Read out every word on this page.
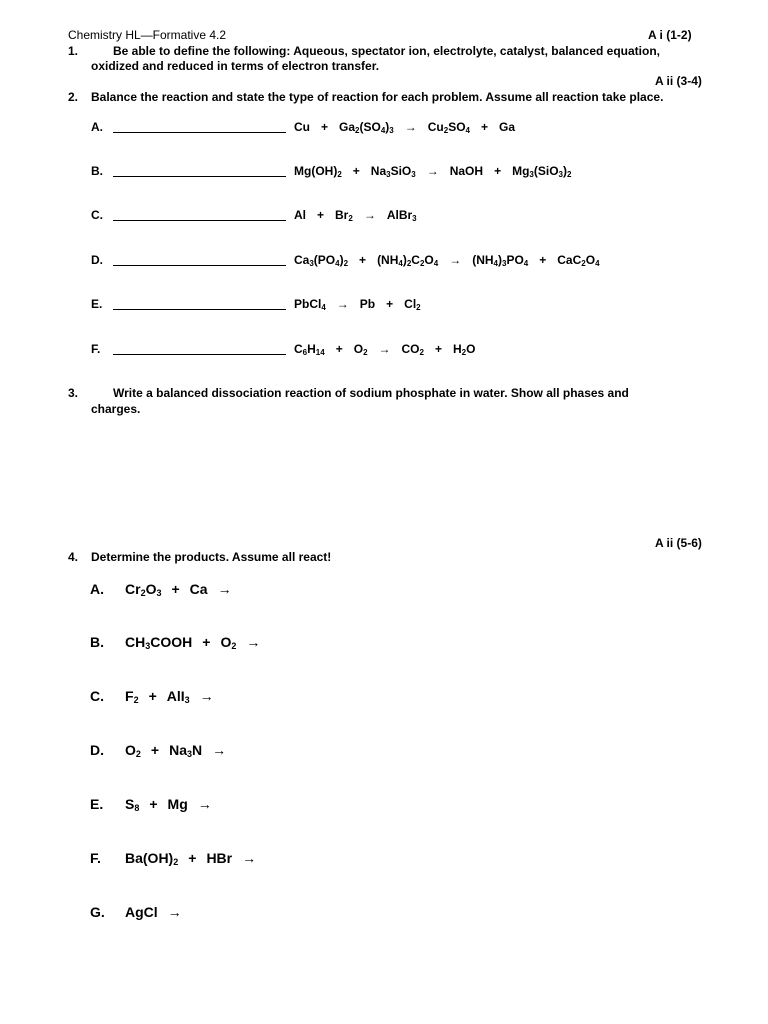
Chemistry HL—Formative 4.2	A i (1-2)
1.	Be able to define the following: Aqueous, spectator ion, electrolyte, catalyst, balanced equation,
oxidized and reduced in terms of electron transfer.
A ii (3-4)
2. Balance the reaction and state the type of reaction for each problem. Assume all reaction take place.
A.	$Cu + Ga_2(SO_4)_3 \to Cu_2SO_4 + Ga$
B.	$Mg(OH)_2 + Na_3SiO_3$ → NaOH + $Mg_3(SiO_3)_2$
C.	$Al + Br_2$ → AlBr$_3$
D.	$Ca_3(PO_4)_2 + (NH_4)_2C_2O_4 \to (NH_4)_3PO_4 + CaC_2O_4$
E.	PbCl$_4$ → $Pb + Cl_2$
F.	$C_6H_{14} + O_2 \to CO_2 + H_2O$
3.	Write a balanced dissociation reaction of sodium phosphate in water. Show all phases and
charges.
A ii (5-6)
4. Determine the products. Assume all react!
A. $Cr_2O_3 + Ca$ →
B. $CH_3COOH + O_2$ →
C. $F_2 + AlI_3$ →
D. $O_2 + Na_3N$ →
E. $S_8 + Mg$ →
F. $Ba(OH)_2$ + HBr →
G. AgCl →
